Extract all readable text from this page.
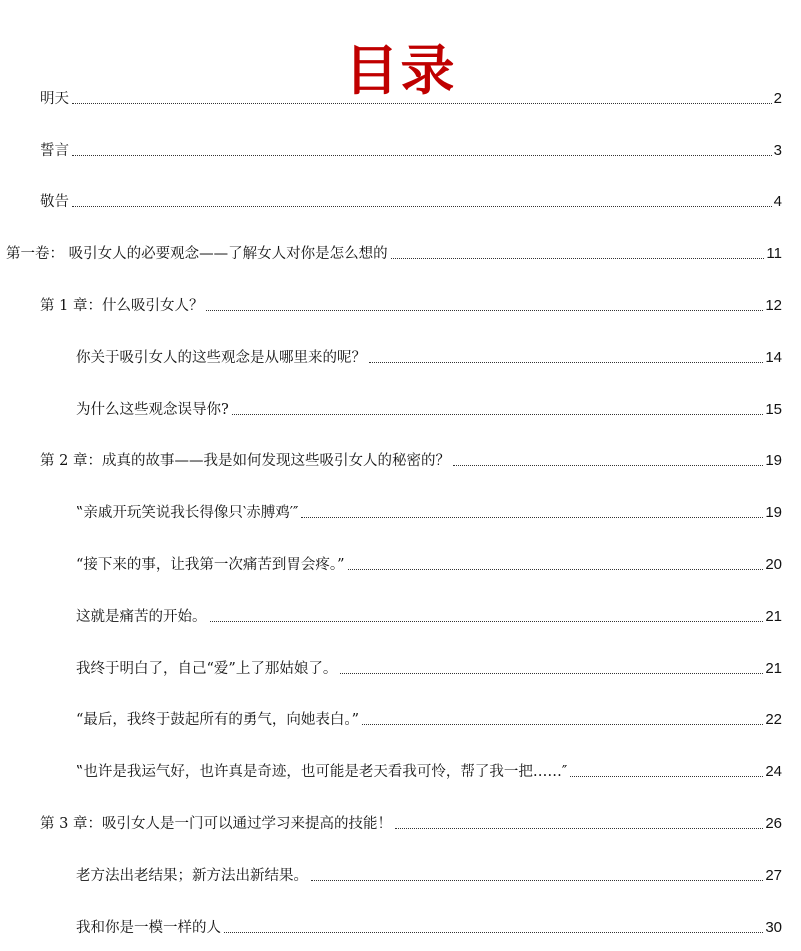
目录
明天	2
誓言	3
敬告	4
第一卷： 吸引女人的必要观念——了解女人对你是怎么想的	11
第 1 章：什么吸引女人？	12
你关于吸引女人的这些观念是从哪里来的呢？	14
为什么这些观念误导你?	15
第 2 章：成真的故事——我是如何发现这些吸引女人的秘密的？	19
‟亲戚开玩笑说我长得像只‵赤膊鸡′″	19
“接下来的事，让我第一次痛苦到胃会疼。”	20
这就是痛苦的开始。	21
我终于明白了，自己“爱”上了那姑娘了。	21
“最后，我终于鼓起所有的勇气，向她表白。”	22
‟也许是我运气好，也许真是奇迹，也可能是老天看我可怜，帮了我一把……″	24
第 3 章：吸引女人是一门可以通过学习来提高的技能！	26
老方法出老结果；新方法出新结果。	27
我和你是一模一样的人	30
